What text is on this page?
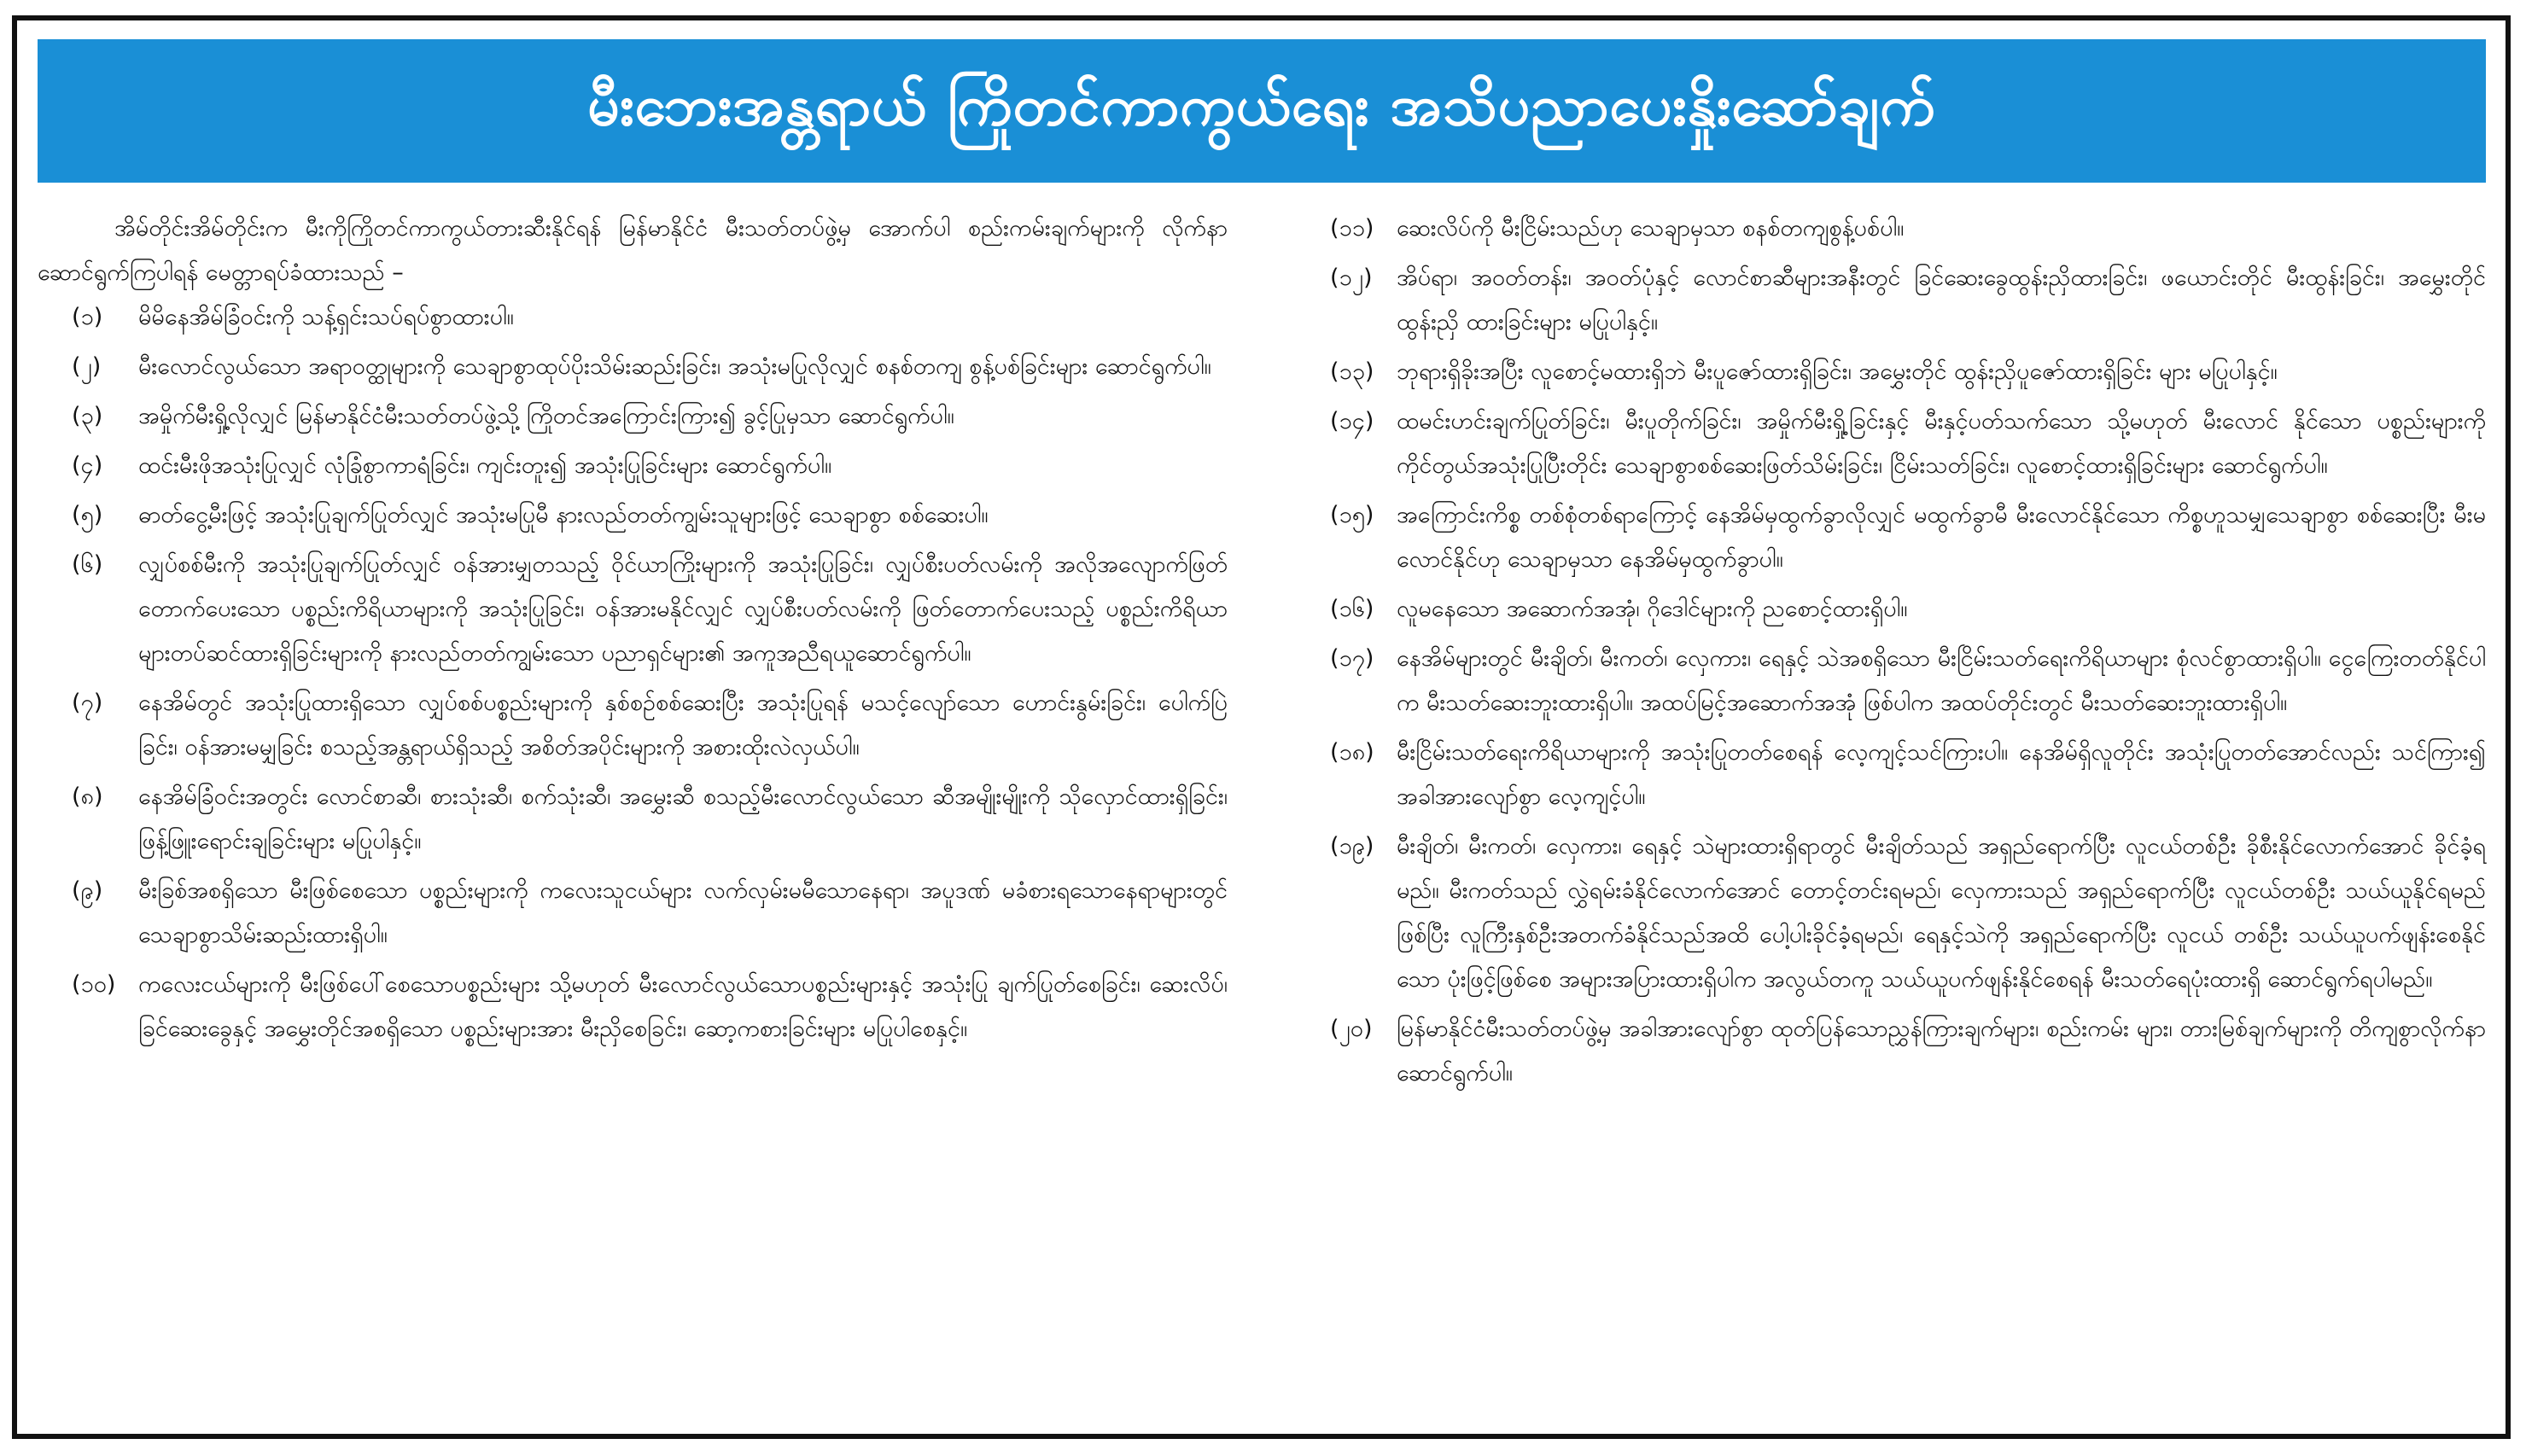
မီးဘေးအန္တရာယ် ကြိုတင်ကာကွယ်ရေး အသိပညာပေးနှိုးဆော်ချက်

အိမ်တိုင်းအိမ်တိုင်းက မီးကိုကြိုတင်ကာကွယ်တားဆီးနိုင်ရန် မြန်မာနိုင်ငံ မီးသတ်တပ်ဖွဲ့မှ အောက်ပါ စည်းကမ်းချက်များကို လိုက်နာဆောင်ရွက်ကြပါရန် မေတ္တာရပ်ခံထားသည် –

(၁)	မိမိနေအိမ်ခြံဝင်းကို သန့်ရှင်းသပ်ရပ်စွာထားပါ။
(၂)	မီးလောင်လွယ်သော အရာဝတ္ထုများကို သေချာစွာထုပ်ပိုးသိမ်းဆည်းခြင်း၊ အသုံးမပြုလိုလျှင် စနစ်တကျ စွန့်ပစ်ခြင်းများ ဆောင်ရွက်ပါ။
(၃)	အမှိုက်မီးရှို့လိုလျှင် မြန်မာနိုင်ငံမီးသတ်တပ်ဖွဲ့သို့ ကြိုတင်အကြောင်းကြား၍ ခွင့်ပြုမှသာ ဆောင်ရွက်ပါ။
(၄)	ထင်းမီးဖိုအသုံးပြုလျှင် လုံခြုံစွာကာရံခြင်း၊ ကျင်းတူး၍ အသုံးပြုခြင်းများ ဆောင်ရွက်ပါ။
(၅)	ဓာတ်ငွေ့မီးဖြင့် အသုံးပြုချက်ပြုတ်လျှင် အသုံးမပြုမီ နားလည်တတ်ကျွမ်းသူများဖြင့် သေချာစွာ စစ်ဆေးပါ။
(၆)	လျှပ်စစ်မီးကို အသုံးပြုချက်ပြုတ်လျှင် ဝန်အားမျှတသည့် ဝိုင်ယာကြိုးများကို အသုံးပြုခြင်း၊ လျှပ်စီးပတ်လမ်းကို အလိုအလျောက်ဖြတ်တောက်ပေးသော ပစ္စည်းကိရိယာများကို အသုံးပြုခြင်း၊ ဝန်အားမနိုင်လျှင် လျှပ်စီးပတ်လမ်းကို ဖြတ်တောက်ပေးသည့် ပစ္စည်းကိရိယာများတပ်ဆင်ထားရှိခြင်းများကို နားလည်တတ်ကျွမ်းသော ပညာရှင်များ၏ အကူအညီရယူဆောင်ရွက်ပါ။
(၇)	နေအိမ်တွင် အသုံးပြုထားရှိသော လျှပ်စစ်ပစ္စည်းများကို နှစ်စဉ်စစ်ဆေးပြီး အသုံးပြုရန် မသင့်လျော်သော ဟောင်းနွမ်းခြင်း၊ ပေါက်ပြဲခြင်း၊ ဝန်အားမမျှခြင်း စသည့်အန္တရာယ်ရှိသည့် အစိတ်အပိုင်းများကို အစားထိုးလဲလှယ်ပါ။
(၈)	နေအိမ်ခြံဝင်းအတွင်း လောင်စာဆီ၊ စားသုံးဆီ၊ စက်သုံးဆီ၊ အမွှေးဆီ စသည့်မီးလောင်လွယ်သော ဆီအမျိုးမျိုးကို သိုလှောင်ထားရှိခြင်း၊ ဖြန့်ဖြူးရောင်းချခြင်းများ မပြုပါနှင့်။
(၉)	မီးခြစ်အစရှိသော မီးဖြစ်စေသော ပစ္စည်းများကို ကလေးသူငယ်များ လက်လှမ်းမမီသောနေရာ၊ အပူဒဏ် မခံစားရသောနေရာများတွင် သေချာစွာသိမ်းဆည်းထားရှိပါ။
(၁၀) ကလေးငယ်များကို မီးဖြစ်ပေါ်စေသောပစ္စည်းများ သို့မဟုတ် မီးလောင်လွယ်သောပစ္စည်းများနှင့် အသုံးပြု ချက်ပြုတ်စေခြင်း၊ ဆေးလိပ်၊ ခြင်ဆေးခွေနှင့် အမွှေးတိုင်အစရှိသော ပစ္စည်းများအား မီးညှိစေခြင်း၊ ဆော့ကစားခြင်းများ မပြုပါစေနှင့်။
(၁၁) ဆေးလိပ်ကို မီးငြိမ်းသည်ဟု သေချာမှသာ စနစ်တကျစွန့်ပစ်ပါ။
(၁၂)	အိပ်ရာ၊ အဝတ်တန်း၊ အဝတ်ပုံနှင့် လောင်စာဆီများအနီးတွင် ခြင်ဆေးခွေထွန်းညှိထားခြင်း၊ ဖယောင်းတိုင် မီးထွန်းခြင်း၊ အမွှေးတိုင်ထွန်းညှိ ထားခြင်းများ မပြုပါနှင့်။
(၁၃) ဘုရားရှိခိုးအပြီး လူစောင့်မထားရှိဘဲ မီးပူဇော်ထားရှိခြင်း၊ အမွှေးတိုင် ထွန်းညှိပူဇော်ထားရှိခြင်း များ မပြုပါနှင့်။
(၁၄) ထမင်းဟင်းချက်ပြုတ်ခြင်း၊ မီးပူတိုက်ခြင်း၊ အမှိုက်မီးရှို့ခြင်းနှင့် မီးနှင့်ပတ်သက်သော သို့မဟုတ် မီးလောင် နိုင်သော ပစ္စည်းများကို ကိုင်တွယ်အသုံးပြုပြီးတိုင်း သေချာစွာစစ်ဆေးဖြတ်သိမ်းခြင်း၊ ငြိမ်းသတ်ခြင်း၊ လူစောင့်ထားရှိခြင်းများ ဆောင်ရွက်ပါ။
(၁၅) အကြောင်းကိစ္စ တစ်စုံတစ်ရာကြောင့် နေအိမ်မှထွက်ခွာလိုလျှင် မထွက်ခွာမီ မီးလောင်နိုင်သော ကိစ္စဟူသမျှသေချာစွာ စစ်ဆေးပြီး မီးမလောင်နိုင်ဟု သေချာမှသာ နေအိမ်မှထွက်ခွာပါ။
(၁၆) လူမနေသော အဆောက်အအုံ၊ ဂိုဒေါင်များကို ညစောင့်ထားရှိပါ။
(၁၇) နေအိမ်များတွင် မီးချိတ်၊ မီးကတ်၊ လှေကား၊ ရေနှင့် သဲအစရှိသော မီးငြိမ်းသတ်ရေးကိရိယာများ စုံလင်စွာထားရှိပါ။ ငွေကြေးတတ်နိုင်ပါက မီးသတ်ဆေးဘူးထားရှိပါ။ အထပ်မြင့်အဆောက်အအုံ ဖြစ်ပါက အထပ်တိုင်းတွင် မီးသတ်ဆေးဘူးထားရှိပါ။
(၁၈) မီးငြိမ်းသတ်ရေးကိရိယာများကို အသုံးပြုတတ်စေရန် လေ့ကျင့်သင်ကြားပါ။ နေအိမ်ရှိလူတိုင်း အသုံးပြုတတ်အောင်လည်း သင်ကြား၍ အခါအားလျော်စွာ လေ့ကျင့်ပါ။
(၁၉) မီးချိတ်၊ မီးကတ်၊ လှေကား၊ ရေနှင့် သဲများထားရှိရာတွင် မီးချိတ်သည် အရှည်ရောက်ပြီး လူငယ်တစ်ဦး ခိုစီးနိုင်လောက်အောင် ခိုင်ခံ့ရမည်။ မီးကတ်သည် လွှဲရမ်းခံနိုင်လောက်အောင် တောင့်တင်းရမည်၊ လှေကားသည် အရှည်ရောက်ပြီး လူငယ်တစ်ဦး သယ်ယူနိုင်ရမည်ဖြစ်ပြီး လူကြီးနှစ်ဦးအတက်ခံနိုင်သည်အထိ ပေါ့ပါးခိုင်ခံ့ရမည်၊ ရေနှင့်သဲကို အရှည်ရောက်ပြီး လူငယ် တစ်ဦး သယ်ယူပက်ဖျန်းစေနိုင်သော ပုံးဖြင့်ဖြစ်စေ အများအပြားထားရှိပါက အလွယ်တကူ သယ်ယူပက်ဖျန်းနိုင်စေရန် မီးသတ်ရေပုံးထားရှိ ဆောင်ရွက်ရပါမည်။
(၂၀)	မြန်မာနိုင်ငံမီးသတ်တပ်ဖွဲ့မှ အခါအားလျော်စွာ ထုတ်ပြန်သောညွှန်ကြားချက်များ၊ စည်းကမ်း များ၊ တားမြစ်ချက်များကို တိကျစွာလိုက်နာဆောင်ရွက်ပါ။
